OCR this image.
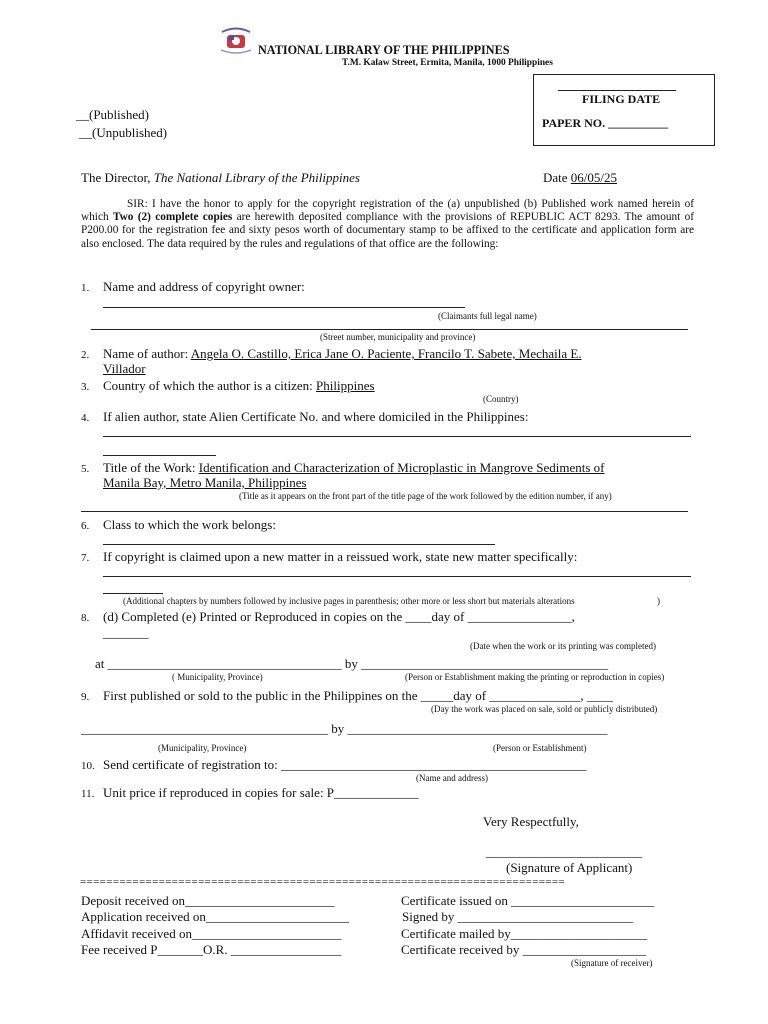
NATIONAL LIBRARY OF THE PHILIPPINES
T.M. Kalaw Street, Ermita, Manila, 1000 Philippines
FILING DATE
PAPER NO. __________
__(Published)
__(Unpublished)
The Director, The National Library of the Philippines	Date 06/05/25
SIR: I have the honor to apply for the copyright registration of the (a) unpublished (b) Published work named herein of which Two (2) complete copies are herewith deposited compliance with the provisions of REPUBLIC ACT 8293. The amount of P200.00 for the registration fee and sixty pesos worth of documentary stamp to be affixed to the certificate and application form are also enclosed. The data required by the rules and regulations of that office are the following:
1. Name and address of copyright owner:
(Claimants full legal name)
(Street number, municipality and province)
2. Name of author: Angela O. Castillo, Erica Jane O. Paciente, Francilo T. Sabete, Mechaila E.
Villador
3. Country of which the author is a citizen: Philippines
(Country)
4. If alien author, state Alien Certificate No. and where domiciled in the Philippines:
5. Title of the Work: Identification and Characterization of Microplastic in Mangrove Sediments of
Manila Bay, Metro Manila, Philippines
(Title as it appears on the front part of the title page of the work followed by the edition number, if any)
6. Class to which the work belongs:
7. If copyright is claimed upon a new matter in a reissued work, state new matter specifically:
(Additional chapters by numbers followed by inclusive pages in parenthesis; other more or less short but materials alterations	)
8. (d) Completed (e) Printed or Reproduced in copies on the ____day of ________________,
_______
(Date when the work or its printing was completed)
at ____________________________________ by ______________________________________
( Municipality, Province)	(Person or Establishment making the printing or reproduction in copies)
9. First published or sold to the public in the Philippines on the _____day of ______________, ____
(Day the work was placed on sale, sold or publicly distributed)
______________________________________ by ________________________________________
(Municipality, Province)	(Person or Establishment)
10. Send certificate of registration to: _______________________________________________
(Name and address)
11. Unit price if reproduced in copies for sale: P_____________
Very Respectfully,
________________________
(Signature of Applicant)
==========================================================================
Deposit received on_______________________
Application received on______________________
Affidavit received on_______________________
Fee received P_______O.R. _________________
Certificate issued on ______________________
Signed by ___________________________
Certificate mailed by_____________________
Certificate received by ___________________
(Signature of receiver)
